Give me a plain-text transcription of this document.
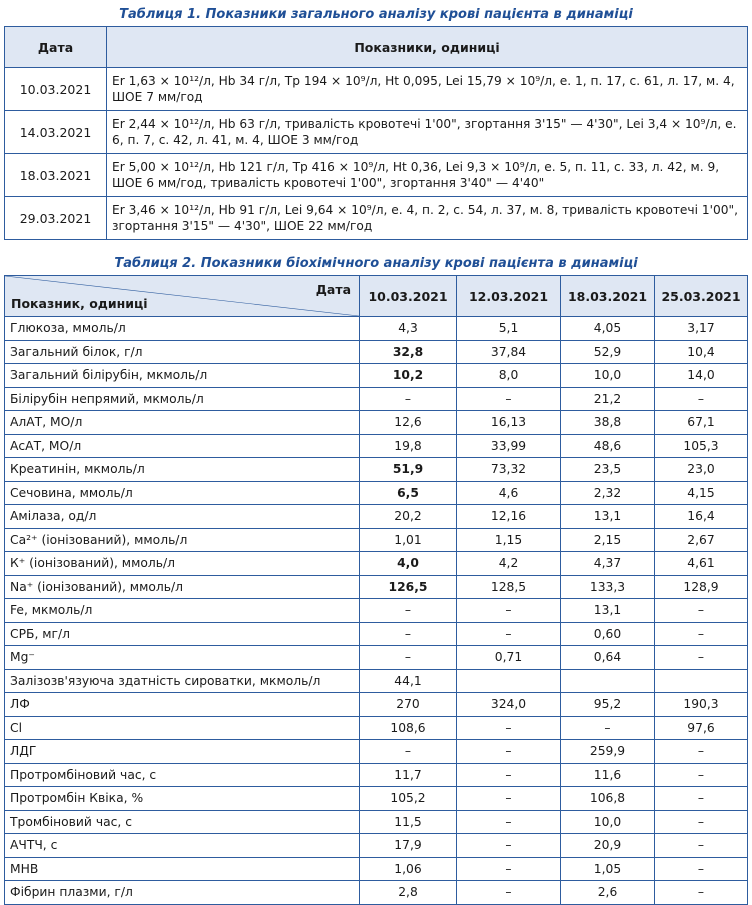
Таблиця 1. Показники загального аналізу крові пацієнта в динаміці
Дата	Показники, одиниці
10.03.2021	Er 1,63 × 10¹²/л, Hb 34 г/л, Tp 194 × 10⁹/л, Ht 0,095, Lei 15,79 × 10⁹/л, е. 1, п. 17, с. 61, л. 17, м. 4, ШОЕ 7 мм/год
14.03.2021	Er 2,44 × 10¹²/л, Hb 63 г/л, тривалість кровотечі 1'00", згортання 3'15" — 4'30", Lei 3,4 × 10⁹/л, е. 6, п. 7, с. 42, л. 41, м. 4, ШОЕ 3 мм/год
18.03.2021	Er 5,00 × 10¹²/л, Hb 121 г/л, Tp 416 × 10⁹/л, Ht 0,36, Lei 9,3 × 10⁹/л, е. 5, п. 11, с. 33, л. 42, м. 9, ШОЕ 6 мм/год, тривалість кровотечі 1'00", згортання 3'40" — 4'40"
29.03.2021	Er 3,46 × 10¹²/л, Hb 91 г/л, Lei 9,64 × 10⁹/л, е. 4, п. 2, с. 54, л. 37, м. 8, тривалість кровотечі 1'00", згортання 3'15" — 4'30", ШОЕ 22 мм/год
Таблиця 2. Показники біохімічного аналізу крові пацієнта в динаміці
Дата
Показник, одиниці	10.03.2021	12.03.2021	18.03.2021	25.03.2021
Глюкоза, ммоль/л	4,3	5,1	4,05	3,17
Загальний білок, г/л	32,8	37,84	52,9	10,4
Загальний білірубін, мкмоль/л	10,2	8,0	10,0	14,0
Білірубін непрямий, мкмоль/л	–	–	21,2	–
АлАТ, МО/л	12,6	16,13	38,8	67,1
АсАТ, МО/л	19,8	33,99	48,6	105,3
Креатинін, мкмоль/л	51,9	73,32	23,5	23,0
Сечовина, ммоль/л	6,5	4,6	2,32	4,15
Амілаза, од/л	20,2	12,16	13,1	16,4
Са²⁺ (іонізований), ммоль/л	1,01	1,15	2,15	2,67
К⁺ (іонізований), ммоль/л	4,0	4,2	4,37	4,61
Na⁺ (іонізований), ммоль/л	126,5	128,5	133,3	128,9
Fe, мкмоль/л	–	–	13,1	–
СРБ, мг/л	–	–	0,60	–
Mg⁻	–	0,71	0,64	–
Залізозв'язуюча здатність сироватки, мкмоль/л	44,1			
ЛФ	270	324,0	95,2	190,3
Cl	108,6	–	–	97,6
ЛДГ	–	–	259,9	–
Протромбіновий час, с	11,7	–	11,6	–
Протромбін Квіка, %	105,2	–	106,8	–
Тромбіновий час, с	11,5	–	10,0	–
АЧТЧ, с	17,9	–	20,9	–
МНВ	1,06	–	1,05	–
Фібрин плазми, г/л	2,8	–	2,6	–
